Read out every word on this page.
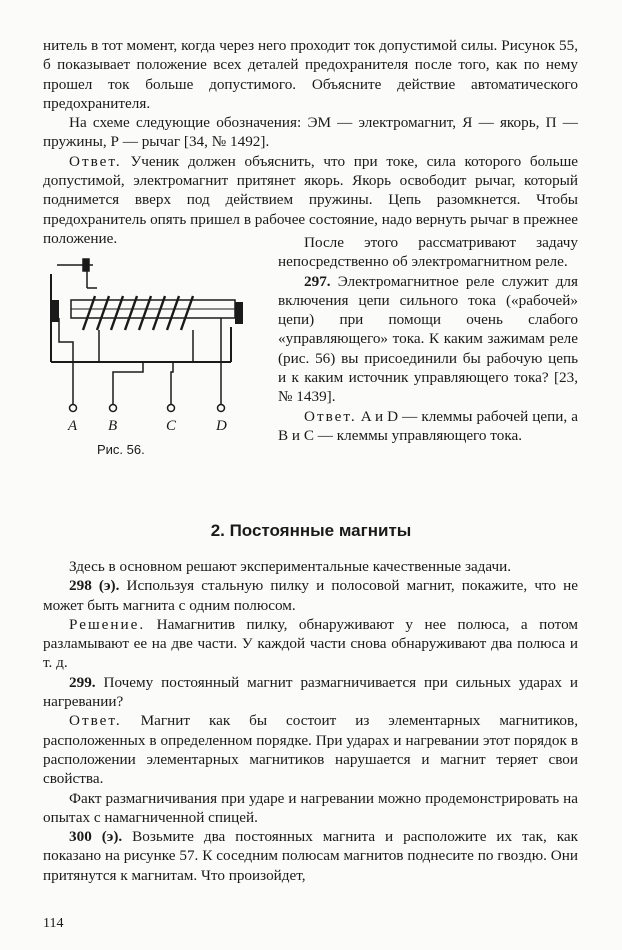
нитель в тот момент, когда через него проходит ток допустимой силы. Рисунок 55, б показывает положение всех деталей предохранителя после того, как по нему прошел ток больше допустимого. Объясните действие автоматического предохранителя.

На схеме следующие обозначения: ЭМ — электромагнит, Я — якорь, П — пружины, Р — рычаг [34, № 1492].

Ответ. Ученик должен объяснить, что при токе, сила которого больше допустимой, электромагнит притянет якорь. Якорь освободит рычаг, который поднимется вверх под действием пружины. Цепь разомкнется. Чтобы предохранитель опять пришел в рабочее состояние, надо вернуть рычаг в прежнее положение.

A B	C	D
Рис. 56.

После этого рассматривают задачу непосредственно об электромагнитном реле.

297. Электромагнитное реле служит для включения цепи сильного тока («рабочей» цепи) при помощи очень слабого «управляющего» тока. К каким зажимам реле (рис. 56) вы присоединили бы рабочую цепь и к каким источник управляющего тока? [23, № 1439].

Ответ. A и D — клеммы рабочей цепи, а B и C — клеммы управляющего тока.

2. Постоянные магниты

Здесь в основном решают экспериментальные качественные задачи.

298 (э). Используя стальную пилку и полосовой магнит, покажите, что не может быть магнита с одним полюсом.

Решение. Намагнитив пилку, обнаруживают у нее полюса, а потом разламывают ее на две части. У каждой части снова обнаруживают два полюса и т. д.

299. Почему постоянный магнит размагничивается при сильных ударах и нагревании?

Ответ. Магнит как бы состоит из элементарных магнитиков, расположенных в определенном порядке. При ударах и нагревании этот порядок в расположении элементарных магнитиков нарушается и магнит теряет свои свойства.

Факт размагничивания при ударе и нагревании можно продемонстрировать на опытах с намагниченной спицей.

300 (э). Возьмите два постоянных магнита и расположите их так, как показано на рисунке 57. К соседним полюсам магнитов поднесите по гвоздю. Они притянутся к магнитам. Что произойдет,

114
